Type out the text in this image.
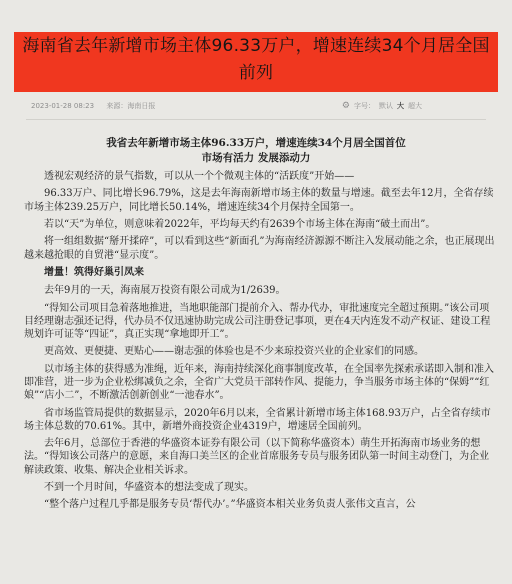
海南省去年新增市场主体96.33万户，增速连续34个月居全国前列
2023-01-28 08:23 来源：海南日报	⚙ 字号： 默认 大 超大
我省去年新增市场主体96.33万户，增速连续34个月居全国首位
市场有活力 发展添动力

透视宏观经济的景气指数，可以从一个个微观主体的“活跃度”开始——

96.33万户、同比增长96.79%，这是去年海南新增市场主体的数量与增速。截至去年12月，全省存续市场主体239.25万户，同比增长50.14%，增速连续34个月保持全国第一。

若以“天”为单位，则意味着2022年，平均每天约有2639个市场主体在海南“破土而出”。

将一组组数据“掰开揉碎”，可以看到这些“新面孔”为海南经济源源不断注入发展动能之余，也正展现出越来越抢眼的自贸港“显示度”。

增量！筑得好巢引凤来

去年9月的一天，海南展万投资有限公司成为1/2639。

“得知公司项目急着落地推进，当地职能部门提前介入、帮办代办，审批速度完全超过预期。”该公司项目经理谢志强还记得，代办员不仅迅速协助完成公司注册登记事项，更在4天内连发不动产权证、建设工程规划许可证等“四证”，真正实现“拿地即开工”。

更高效、更便捷、更贴心——谢志强的体验也是不少来琼投资兴业的企业家们的同感。

以市场主体的获得感为准绳，近年来，海南持续深化商事制度改革，在全国率先探索承诺即入制和准入即准营，进一步为企业松绑减负之余，全省广大党员干部转作风、提能力，争当服务市场主体的“保姆”“红娘”“店小二”，不断激活创新创业“一池春水”。

省市场监管局提供的数据显示，2020年6月以来，全省累计新增市场主体168.93万户，占全省存续市场主体总数的70.61%。其中，新增外商投资企业4319户，增速居全国前列。

去年6月，总部位于香港的华盛资本证券有限公司（以下简称华盛资本）萌生开拓海南市场业务的想法。“得知该公司落户的意愿，来自海口美兰区的企业首席服务专员与服务团队第一时间主动登门，为企业解读政策、收集、解决企业相关诉求。

不到一个月时间，华盛资本的想法变成了现实。

“整个落户过程几乎都是服务专员‘帮代办’。”华盛资本相关业务负责人张伟文直言，公
